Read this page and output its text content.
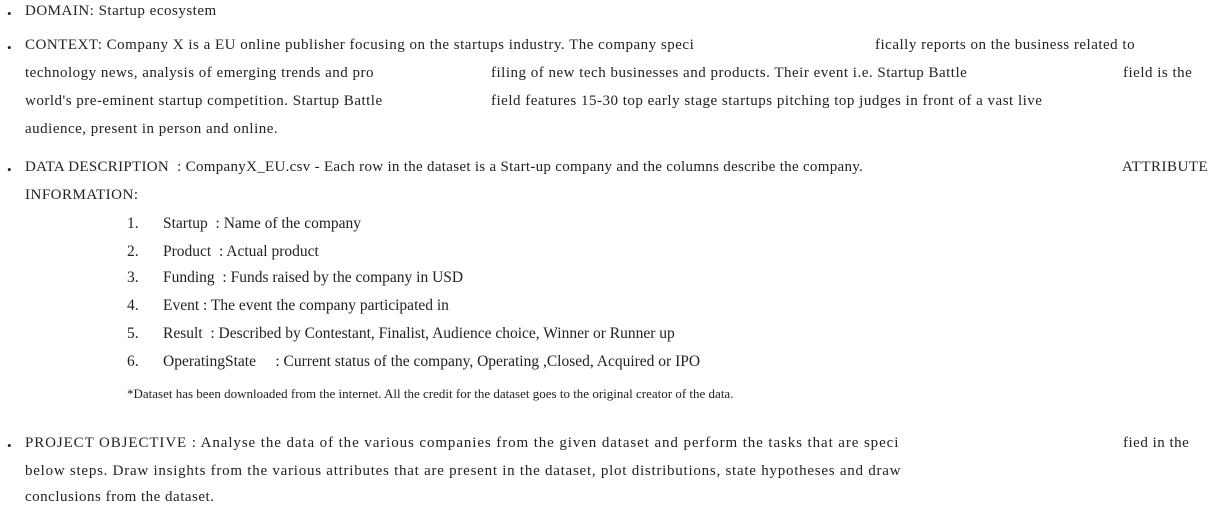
• DOMAIN: Startup ecosystem
• CONTEXT: Company X is a EU online publisher focusing on the startups industry. The company speci	fically reports on the business related to
technology news, analysis of emerging trends and pro	filing of new tech businesses and products. Their event i.e. Startup Battle	field is the
world's pre-eminent startup competition. Startup Battle	field features 15-30 top early stage startups pitching top judges in front of a vast live
audience, present in person and online.
• DATA DESCRIPTION  : CompanyX_EU.csv - Each row in the dataset is a Start-up company and the columns describe the company.	ATTRIBUTE
INFORMATION:
1. Startup  : Name of the company
2. Product  : Actual product
3. Funding  : Funds raised by the company in USD
4. Event : The event the company participated in
5. Result  : Described by Contestant, Finalist, Audience choice, Winner or Runner up
6. OperatingState     : Current status of the company, Operating ,Closed, Acquired or IPO
*Dataset has been downloaded from the internet. All the credit for the dataset goes to the original creator of the data.
• PROJECT OBJECTIVE : Analyse the data of the various companies from the given dataset and perform the tasks that are speci	fied in the
below steps. Draw insights from the various attributes that are present in the dataset, plot distributions, state hypotheses and draw
conclusions from the dataset.
